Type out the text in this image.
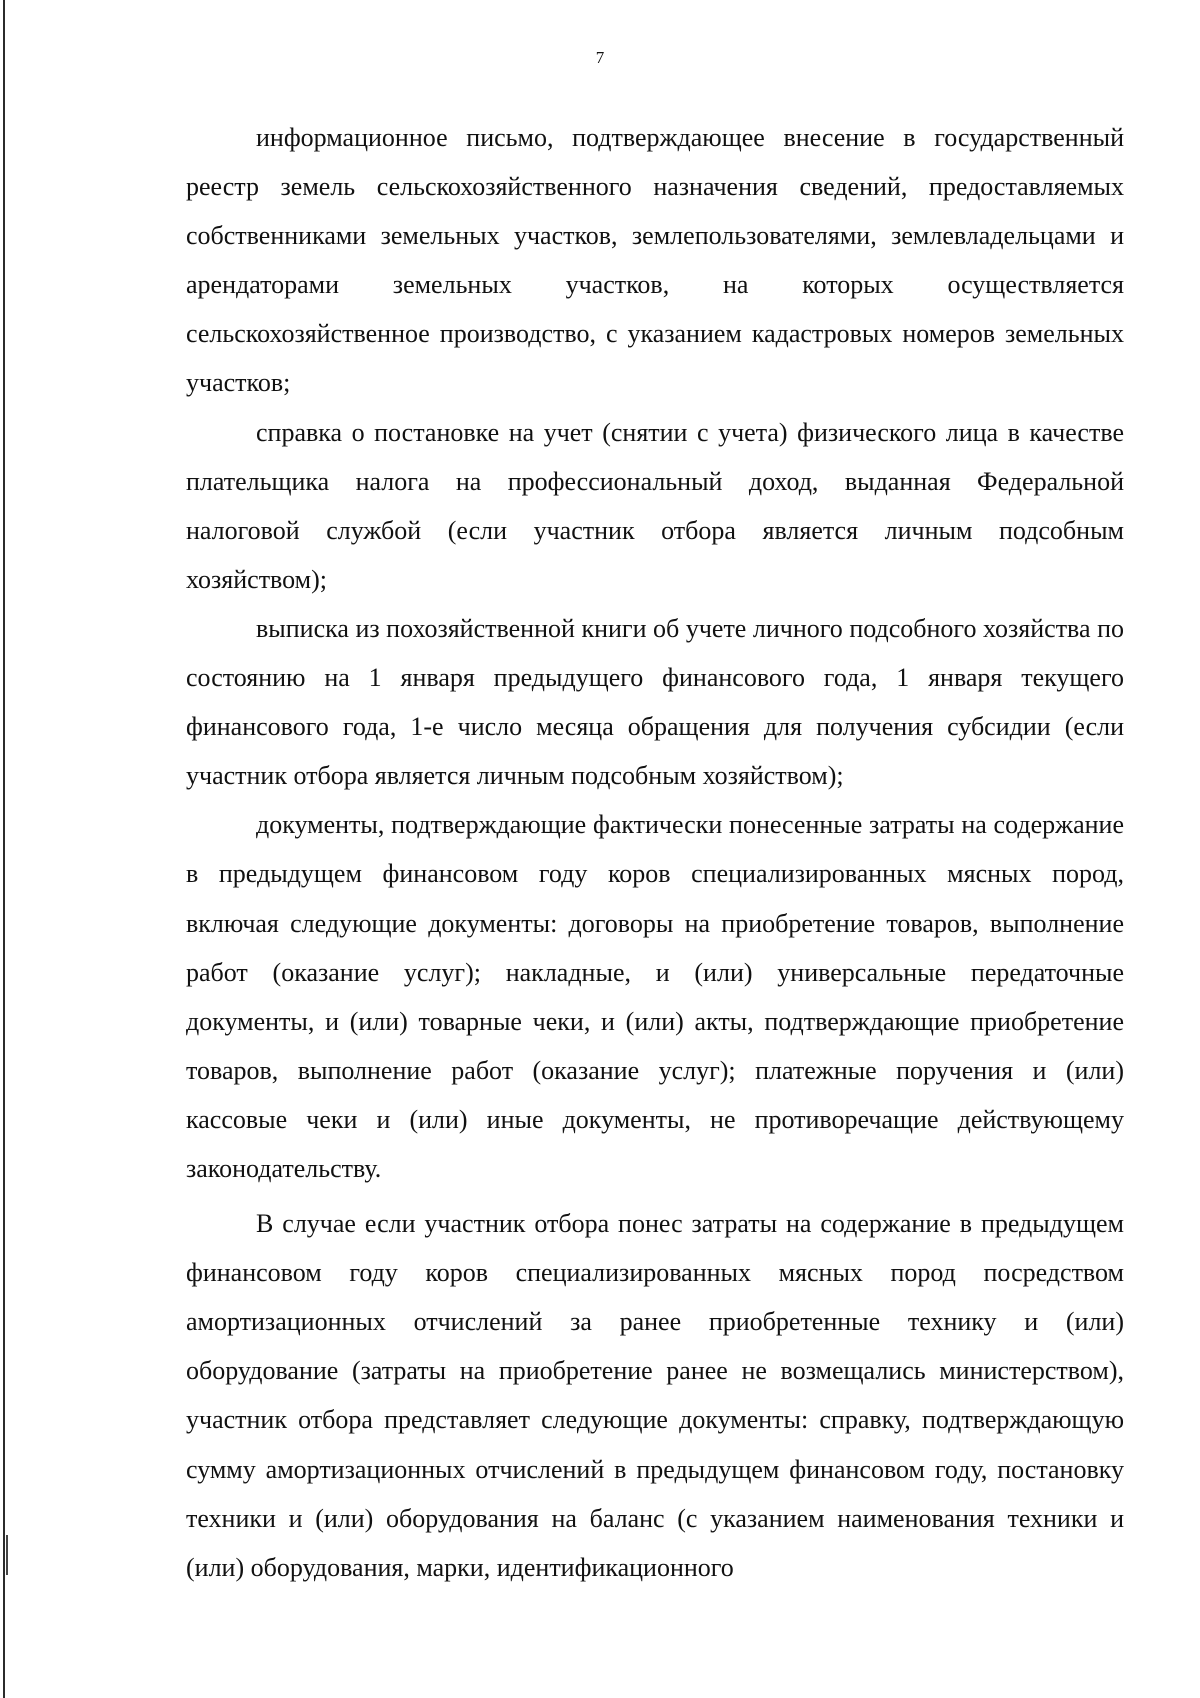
7

информационное письмо, подтверждающее внесение в государственный реестр земель сельскохозяйственного назначения сведений, предоставляемых собственниками земельных участков, землепользователями, землевладельцами и арендаторами земельных участков, на которых осуществляется сельскохозяйственное производство, с указанием кадастровых номеров земельных участков;

справка о постановке на учет (снятии с учета) физического лица в качестве плательщика налога на профессиональный доход, выданная Федеральной налоговой службой (если участник отбора является личным подсобным хозяйством);

выписка из похозяйственной книги об учете личного подсобного хозяйства по состоянию на 1 января предыдущего финансового года, 1 января текущего финансового года, 1-е число месяца обращения для получения субсидии (если участник отбора является личным подсобным хозяйством);

документы, подтверждающие фактически понесенные затраты на содержание в предыдущем финансовом году коров специализированных мясных пород, включая следующие документы: договоры на приобретение товаров, выполнение работ (оказание услуг); накладные, и (или) универсальные передаточные документы, и (или) товарные чеки, и (или) акты, подтверждающие приобретение товаров, выполнение работ (оказание услуг); платежные поручения и (или) кассовые чеки и (или) иные документы, не противоречащие действующему законодательству.

В случае если участник отбора понес затраты на содержание в предыдущем финансовом году коров специализированных мясных пород посредством амортизационных отчислений за ранее приобретенные технику и (или) оборудование (затраты на приобретение ранее не возмещались министерством), участник отбора представляет следующие документы: справку, подтверждающую сумму амортизационных отчислений в предыдущем финансовом году, постановку техники и (или) оборудования на баланс (с указанием наименования техники и (или) оборудования, марки, идентификационного
